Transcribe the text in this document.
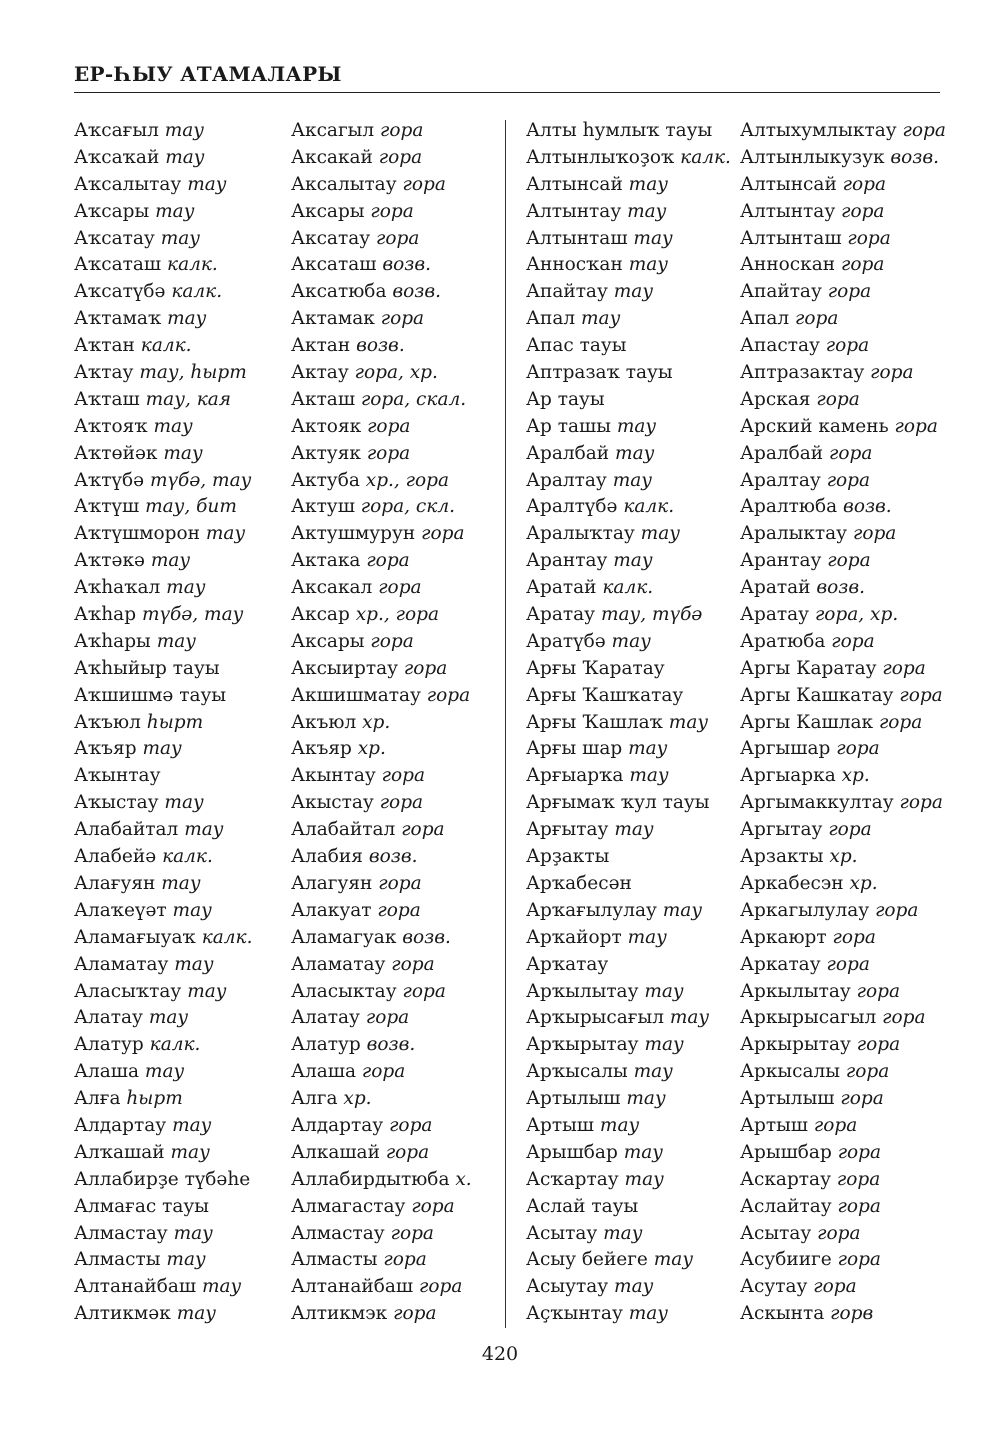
ЕР-ҺЫУ АТАМАЛАРЫ
Аҡсағыл тау
Аҡсаҡай тау
Аҡсалытау тау
Аҡсары тау
Аҡсатау тау
Аҡсаташ калк.
Аҡсатүбә калк.
Аҡтамаҡ тау
Аҡтан калк.
Аҡтау тау, һырт
Аҡташ тау, кая
Аҡтояҡ тау
Аҡтөйәк тау
Аҡтүбә түбә, тау
Аҡтүш тау, бит
Аҡтүшморон тау
Аҡтәкә тау
Аҡһаҡал тау
Аҡһар түбә, тау
Аҡһары тау
Аҡһыйыр тауы
Аҡшишмә тауы
Аҡъюл һырт
Аҡъяр тау
Аҡынтау
Аҡыстау тау
Алабайтал тау
Алабейә калк.
Алағуян тау
Алаҡеүәт тау
Аламағыуаҡ калк.
Аламатау тау
Аласыҡтау тау
Алатау тау
Алатур калк.
Алаша тау
Алға һырт
Алдартау тау
Алҡашай тау
Аллабирҙе түбәһе
Алмағас тауы
Алмастау тау
Алмасты тау
Алтанайбаш тау
Алтикмәк тау
Аксагыл гора
Аксакай гора
Аксалытау гора
Аксары гора
Аксатау гора
Аксаташ возв.
Аксатюба возв.
Актамак гора
Актан возв.
Актау гора, хр.
Акташ гора, скал.
Актояк гора
Актуяк гора
Актуба хр., гора
Актуш гора, скл.
Актушмурун гора
Актака гора
Аксакал гора
Аксар хр., гора
Аксары гора
Аксыиртау гора
Акшишматау гора
Акъюл хр.
Акъяр хр.
Акынтау гора
Акыстау гора
Алабайтал гора
Алабия возв.
Алагуян гора
Алакуат гора
Аламагуак возв.
Аламатау гора
Аласыктау гора
Алатау гора
Алатур возв.
Алаша гора
Алга хр.
Алдартау гора
Алкашай гора
Аллабирдытюба х.
Алмагастау гора
Алмастау гора
Алмасты гора
Алтанайбаш гора
Алтикмэк гора
Алты һумлыҡ тауы
Алтынлыҡоҙоҡ калк.
Алтынсай тау
Алтынтау тау
Алтынташ тау
Анносҡан тау
Апайтау тау
Апал тау
Апас тауы
Аптразаҡ тауы
Ар тауы
Ар ташы тау
Аралбай тау
Аралтау тау
Аралтүбә калк.
Аралыҡтау тау
Арантау тау
Аратай калк.
Аратау тау, түбә
Аратүбә тау
Арғы Ҡаратау
Арғы Ҡашҡатау
Арғы Ҡашлаҡ тау
Арғы шар тау
Арғыарҡа тау
Арғымаҡ ҡул тауы
Арғытау тау
Арҙакты
Арҡабесән
Арҡағылулау тау
Арҡайорт тау
Арҡатау
Арҡылытау тау
Арҡырысағыл тау
Арҡырытау тау
Арҡысалы тау
Артылыш тау
Артыш тау
Арышбар тау
Асҡартау тау
Аслай тауы
Асытау тау
Асыу бейеге тау
Асыутау тау
Аҫҡынтау тау
Алтыхумлыктау гора
Алтынлыкузук возв.
Алтынсай гора
Алтынтау гора
Алтынташ гора
Анноскан гора
Апайтау гора
Апал гора
Апастау гора
Аптразактау гора
Арская гора
Арский камень гора
Аралбай гора
Аралтау гора
Аралтюба возв.
Аралыктау гора
Арантау гора
Аратай возв.
Аратау гора, хр.
Аратюба гора
Аргы Каратау гора
Аргы Кашкатау гора
Аргы Кашлак гора
Аргышар гора
Аргыарка хр.
Аргымаккултау гора
Аргытау гора
Арзакты хр.
Аркабесэн хр.
Аркагылулау гора
Аркаюрт гора
Аркатау гора
Аркылытау гора
Аркырысагыл гора
Аркырытау гора
Аркысалы гора
Артылыш гора
Артыш гора
Арышбар гора
Аскартау гора
Аслайтау гора
Асытау гора
Асубииге гора
Асутау гора
Аскынта горв
420
